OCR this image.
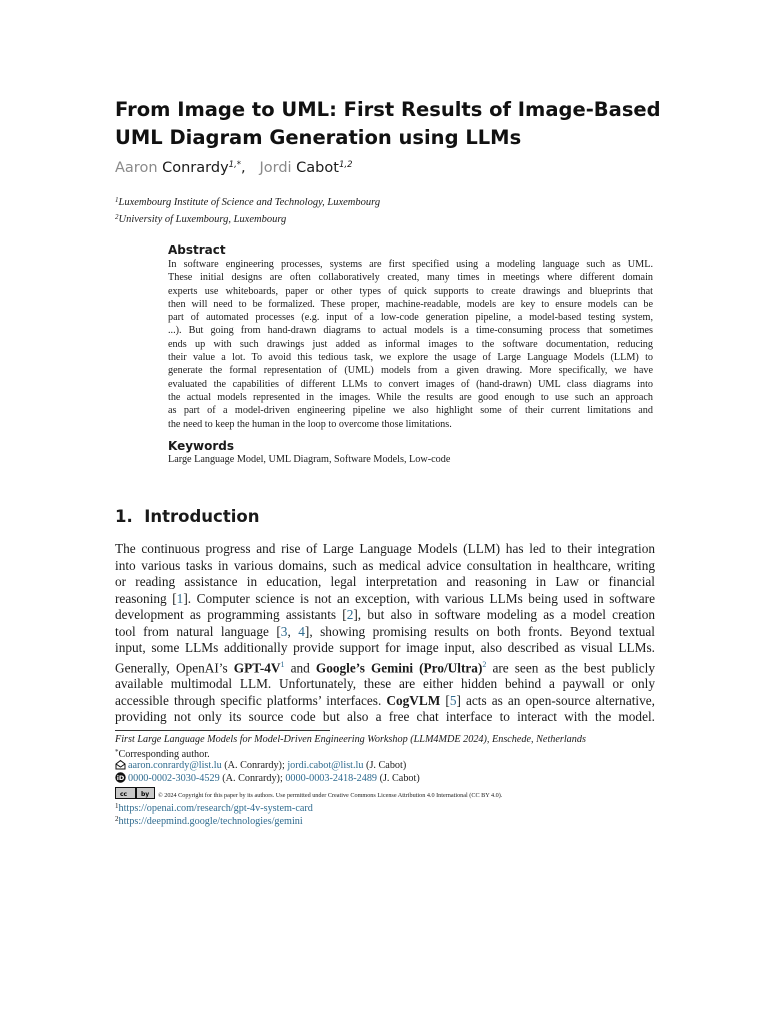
From Image to UML: First Results of Image-Based
UML Diagram Generation using LLMs
Aaron Conrardy$^{1,*}$, Jordi Cabot$^{1,2}$
$^1$Luxembourg Institute of Science and Technology, Luxembourg
$^2$University of Luxembourg, Luxembourg
Abstract
In software engineering processes, systems are first specified using a modeling language such as UML.
These initial designs are often collaboratively created, many times in meetings where different domain
experts use whiteboards, paper or other types of quick supports to create drawings and blueprints that
then will need to be formalized. These proper, machine-readable, models are key to ensure models can be
part of automated processes (e.g. input of a low-code generation pipeline, a model-based testing system,
...). But going from hand-drawn diagrams to actual models is a time-consuming process that sometimes
ends up with such drawings just added as informal images to the software documentation, reducing
their value a lot. To avoid this tedious task, we explore the usage of Large Language Models (LLM) to
generate the formal representation of (UML) models from a given drawing. More specifically, we have
evaluated the capabilities of different LLMs to convert images of (hand-drawn) UML class diagrams into
the actual models represented in the images. While the results are good enough to use such an approach
as part of a model-driven engineering pipeline we also highlight some of their current limitations and
the need to keep the human in the loop to overcome those limitations.
Keywords
Large Language Model, UML Diagram, Software Models, Low-code
1. Introduction
The continuous progress and rise of Large Language Models (LLM) has led to their integration
into various tasks in various domains, such as medical advice consultation in healthcare, writing
or reading assistance in education, legal interpretation and reasoning in Law or financial
reasoning [1]. Computer science is not an exception, with various LLMs being used in software
development as programming assistants [2], but also in software modeling as a model creation
tool from natural language [3, 4], showing promising results on both fronts. Beyond textual
input, some LLMs additionally provide support for image input, also described as visual LLMs.
Generally, OpenAI’s GPT-$4V^1$ and Google’s Gemini (Pro/Ultra)$^2$ are seen as the best publicly
available multimodal LLM. Unfortunately, these are either hidden behind a paywall or only
accessible through specific platforms’ interfaces. CogVLM [5] acts as an open-source alternative,
providing not only its source code but also a free chat interface to interact with the model.
First Large Language Models for Model-Driven Engineering Workshop (LLM4MDE 2024), Enschede, Netherlands
*Corresponding author.
aaron.conrardy@list.lu (A. Conrardy); jordi.cabot@list.lu (J. Cabot)
iD 0000-0002-3030-4529 (A. Conrardy); 0000-0003-2418-2489 (J. Cabot)
cc by © 2024 Copyright for this paper by its authors. Use permitted under Creative Commons License Attribution 4.0 International (CC BY 4.0).
$^1$https://openai.com/research/gpt-4v-system-card
$^2$https://deepmind.google/technologies/gemini
